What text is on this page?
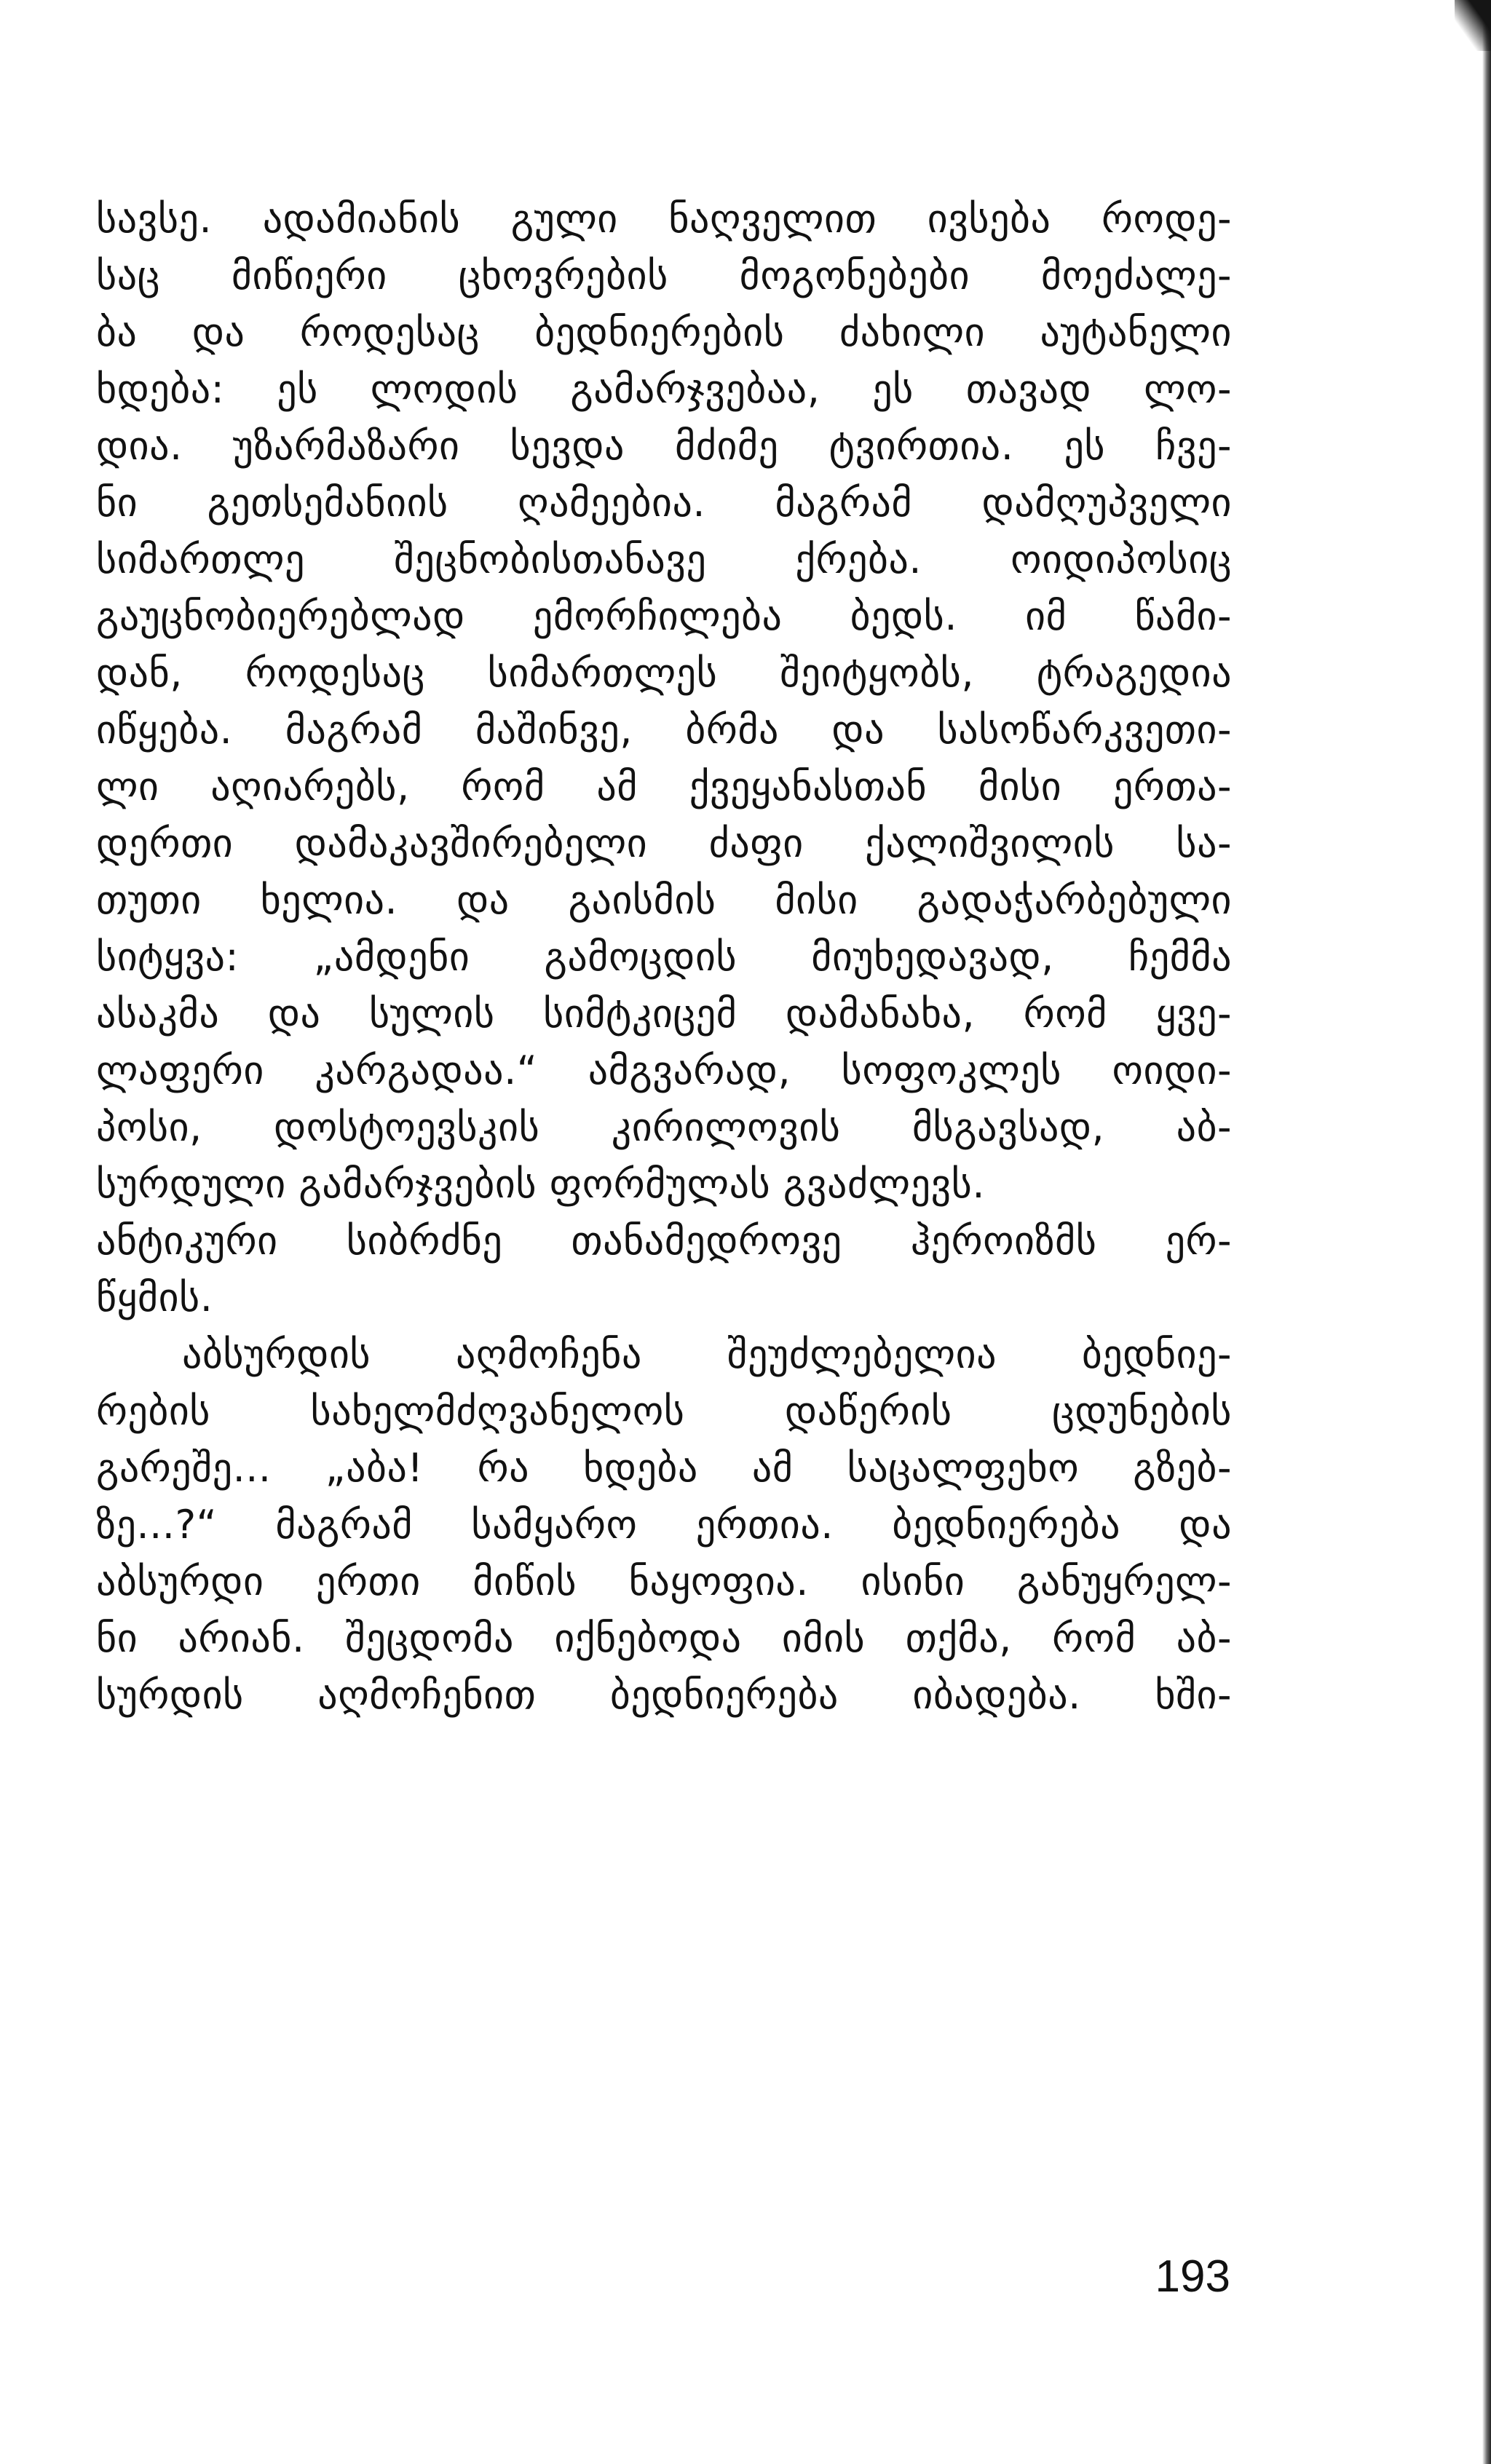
სავსე. ადამიანის გული ნაღველით ივსება როდე-
საც მიწიერი ცხოვრების მოგონებები მოეძალე-
ბა და როდესაც ბედნიერების ძახილი აუტანელი
ხდება: ეს ლოდის გამარჯვებაა, ეს თავად ლო-
დია. უზარმაზარი სევდა მძიმე ტვირთია. ეს ჩვე-
ნი გეთსემანიის ღამეებია. მაგრამ დამღუპველი
სიმართლე შეცნობისთანავე ქრება. ოიდიპოსიც
გაუცნობიერებლად ემორჩილება ბედს. იმ წამი-
დან, როდესაც სიმართლეს შეიტყობს, ტრაგედია
იწყება. მაგრამ მაშინვე, ბრმა და სასოწარკვეთი-
ლი აღიარებს, რომ ამ ქვეყანასთან მისი ერთა-
დერთი დამაკავშირებელი ძაფი ქალიშვილის სა-
თუთი ხელია. და გაისმის მისი გადაჭარბებული
სიტყვა: „ამდენი გამოცდის მიუხედავად, ჩემმა
ასაკმა და სულის სიმტკიცემ დამანახა, რომ ყვე-
ლაფერი კარგადაა.“ ამგვარად, სოფოკლეს ოიდი-
პოსი, დოსტოევსკის კირილოვის მსგავსად, აბ-
სურდული გამარჯვების ფორმულას გვაძლევს.
ანტიკური სიბრძნე თანამედროვე ჰეროიზმს ერ-
წყმის.
აბსურდის აღმოჩენა შეუძლებელია ბედნიე-
რების სახელმძღვანელოს დაწერის ცდუნების
გარეშე... „აბა! რა ხდება ამ საცალფეხო გზებ-
ზე...?“ მაგრამ სამყარო ერთია. ბედნიერება და
აბსურდი ერთი მიწის ნაყოფია. ისინი განუყრელ-
ნი არიან. შეცდომა იქნებოდა იმის თქმა, რომ აბ-
სურდის აღმოჩენით ბედნიერება იბადება. ხში-
193
